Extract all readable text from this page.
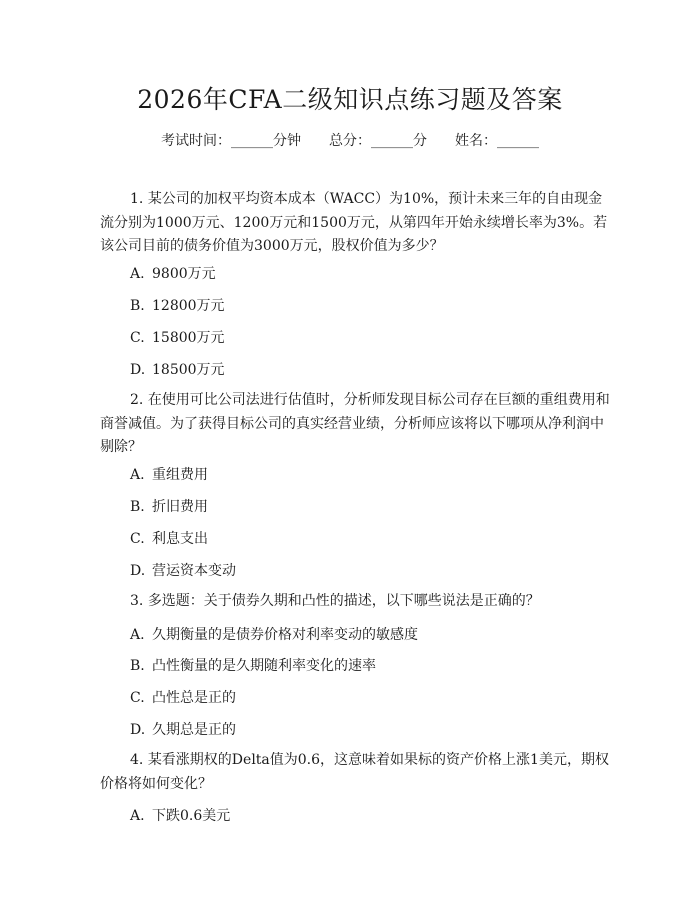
2026年CFA二级知识点练习题及答案
考试时间：______分钟 总分：______分 姓名：______

1. 某公司的加权平均资本成本（WACC）为10%，预计未来三年的自由现金流分别为1000万元、1200万元和1500万元，从第四年开始永续增长率为3%。若该公司目前的债务价值为3000万元，股权价值为多少？

A. 9800万元

B. 12800万元

C. 15800万元

D. 18500万元

2. 在使用可比公司法进行估值时，分析师发现目标公司存在巨额的重组费用和商誉减值。为了获得目标公司的真实经营业绩，分析师应该将以下哪项从净利润中剔除？

A. 重组费用

B. 折旧费用

C. 利息支出

D. 营运资本变动

3. 多选题：关于债券久期和凸性的描述，以下哪些说法是正确的？

A. 久期衡量的是债券价格对利率变动的敏感度

B. 凸性衡量的是久期随利率变化的速率

C. 凸性总是正的

D. 久期总是正的

4. 某看涨期权的Delta值为0.6，这意味着如果标的资产价格上涨1美元，期权价格将如何变化？

A. 下跌0.6美元
